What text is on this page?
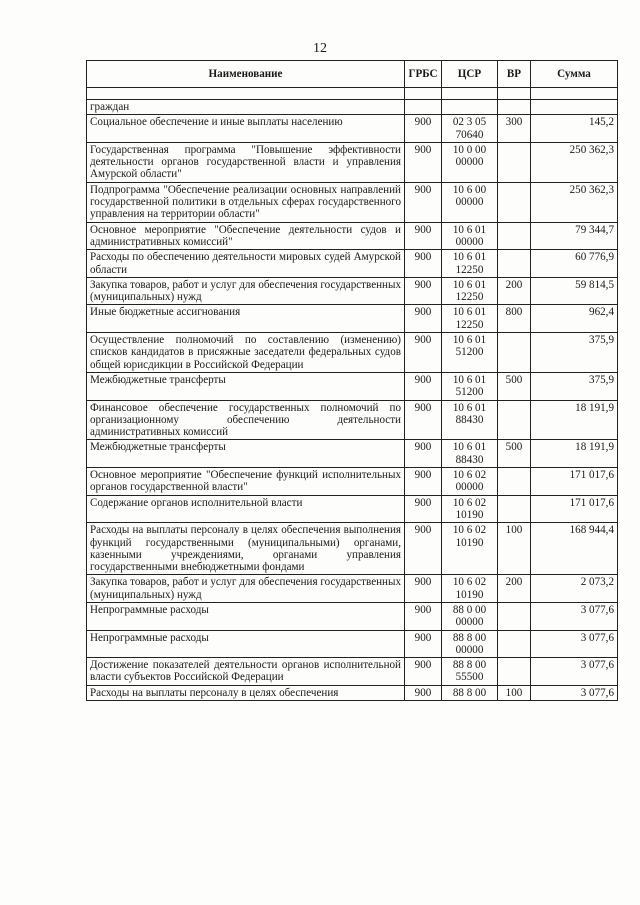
12
Наименование	ГРБС	ЦСР	ВР	Сумма

граждан				
Социальное обеспечение и иные выплаты населению	900	02 3 05 70640	300	145,2
Государственная программа "Повышение эффективности деятельности органов государственной власти и управления Амурской области"	900	10 0 00 00000		250 362,3
Подпрограмма "Обеспечение реализации основных направлений государственной политики в отдельных сферах государственного управления на территории области"	900	10 6 00 00000		250 362,3
Основное мероприятие "Обеспечение деятельности судов и административных комиссий"	900	10 6 01 00000		79 344,7
Расходы по обеспечению деятельности мировых судей Амурской области	900	10 6 01 12250		60 776,9
Закупка товаров, работ и услуг для обеспечения государственных (муниципальных) нужд	900	10 6 01 12250	200	59 814,5
Иные бюджетные ассигнования	900	10 6 01 12250	800	962,4
Осуществление полномочий по составлению (изменению) списков кандидатов в присяжные заседатели федеральных судов общей юрисдикции в Российской Федерации	900	10 6 01 51200		375,9
Межбюджетные трансферты	900	10 6 01 51200	500	375,9
Финансовое обеспечение государственных полномочий по организационному обеспечению деятельности административных комиссий	900	10 6 01 88430		18 191,9
Межбюджетные трансферты	900	10 6 01 88430	500	18 191,9
Основное мероприятие "Обеспечение функций исполнительных органов государственной власти"	900	10 6 02 00000		171 017,6
Содержание органов исполнительной власти	900	10 6 02 10190		171 017,6
Расходы на выплаты персоналу в целях обеспечения выполнения функций государственными (муниципальными) органами, казенными учреждениями, органами управления государственными внебюджетными фондами	900	10 6 02 10190	100	168 944,4
Закупка товаров, работ и услуг для обеспечения государственных (муниципальных) нужд	900	10 6 02 10190	200	2 073,2
Непрограммные расходы	900	88 0 00 00000		3 077,6
Непрограммные расходы	900	88 8 00 00000		3 077,6
Достижение показателей деятельности органов исполнительной власти субъектов Российской Федерации	900	88 8 00 55500		3 077,6
Расходы на выплаты персоналу в целях обеспечения	900	88 8 00	100	3 077,6
